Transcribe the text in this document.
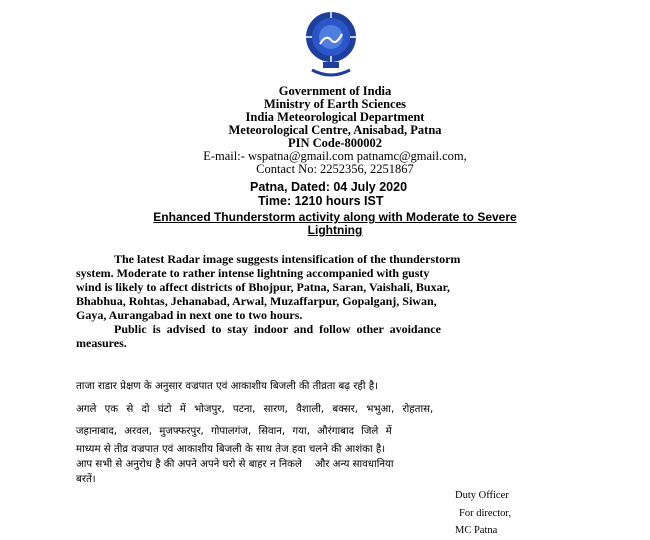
Government of India
Ministry of Earth Sciences
India Meteorological Department
Meteorological Centre, Anisabad, Patna
PIN Code-800002
E-mail:- wspatna@gmail.com patnamc@gmail.com,
Contact No: 2252356, 2251867
Patna, Dated: 04 July 2020
Time: 1210 hours IST
Enhanced Thunderstorm activity along with Moderate to Severe
Lightning
The latest Radar image suggests intensification of the thunderstorm
system. Moderate to rather intense lightning accompanied with gusty
wind is likely to affect districts of Bhojpur, Patna, Saran, Vaishali, Buxar,
Bhabhua, Rohtas, Jehanabad, Arwal, Muzaffarpur, Gopalganj, Siwan,
Gaya, Aurangabad in next one to two hours.
Public is advised to stay indoor and follow other avoidance
measures.
ताजा राडार प्रेक्षण के अनुसार वज्रपात एवं आकाशीय बिजली की तीव्रता बढ़ रही है।
अगले एक से दो घंटो में भोजपुर, पटना, सारण, वैशाली, बक्सर, भभुआ, रोहतास,
जहानाबाद, अरवल, मुजफ्फरपुर, गोपालगंज, सिवान, गया, औरंगाबाद जिले में
माध्यम से तीव्र वज्रपात एवं आकाशीय बिजली के साथ तेज हवा चलने की आशंका है।
आप सभी से अनुरोध है की अपने अपने घरो से बाहर न निकले    और अन्य सावधानिया
बरतें।
Duty Officer
For director,
MC Patna
